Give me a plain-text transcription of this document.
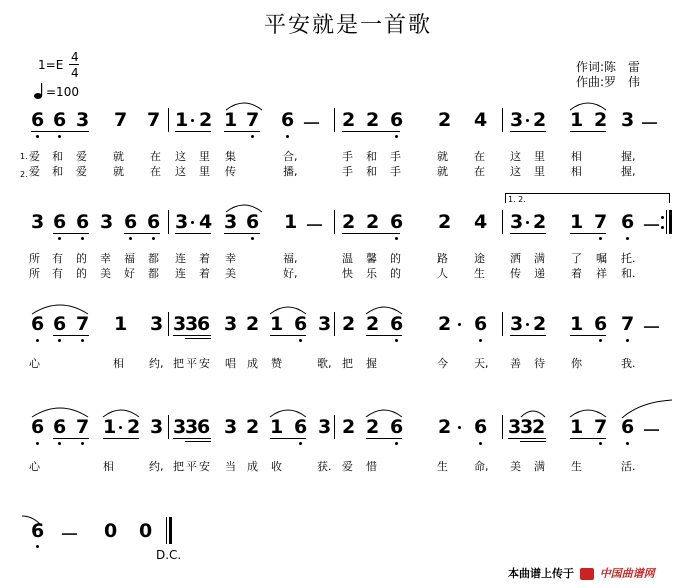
平安就是一首歌
1=E
4
4
=100
作词:陈　雷
作曲:罗　伟
6 6 3 7 7 1 2 1 7 6 － 2 2 6 2 4 3 2 1 2 3 －
1. 爱 和 爱 就 在 这 里 集	合,	手 和 手	就 在 这 里 相	握,
2. 爱 和 爱 就 在 这 里 传	播,	手 和 手	就 在 这 里 相	握,
1. 2.
3 6 6 3 6 6 3 4 3 6 1 － 2 2 6 2 4 3 2 1 7 6 －
所 有 的 幸 福 都 连 着 幸	福,	温 馨 的	路 途 洒 满 了 嘱 托.
所 有 的 美 好 都 连 着 美	好,	快 乐 的	人 生 传 递 着 祥 和.
6 6 7 1 3 3
3
6 3 2 1 6 3 2 2 6 2 6 3 2 1 6 7 －
心	相 约, 把 平 安 唱 成 赞	歌, 把 握	今 天, 善 待 你	我.
6 6 7 1 2 3 3
3
6 3 2 1 6 3 2 2 6 2 6 3
3
2 1 7 6 －
心	相	约, 把 平 安 当 成 收	获. 爱 惜	生 命, 美 满 生	活.
6 － 0 0
D.C.
本曲谱上传于 中国曲谱网
